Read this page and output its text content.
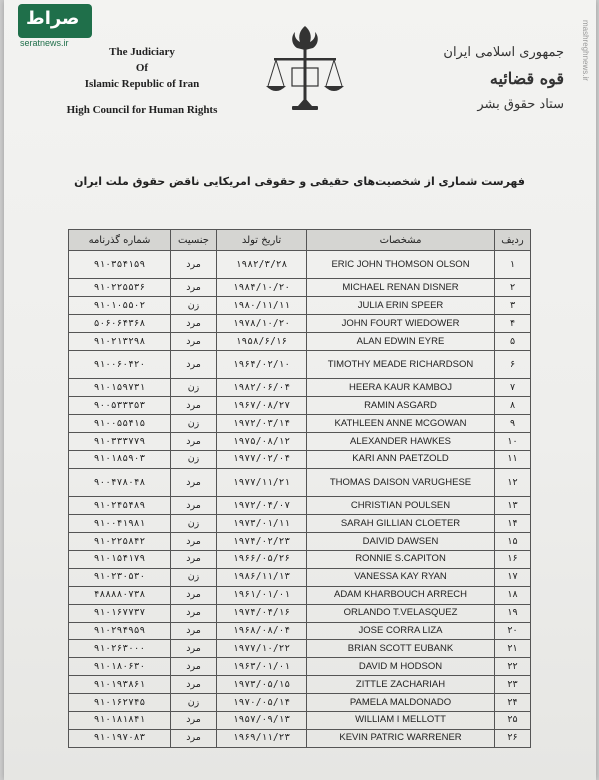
صراط
seratnews.ir	mashreghnews.ir
The Judiciary
Of
Islamic Republic of Iran
High Council for Human Rights
جمهوری اسلامی ایران
قوه قضائیه
ستاد حقوق بشر
فهرست شماری از شخصیت‌های حقیقی و حقوقی امریکایی ناقض حقوق ملت ایران
شماره گذرنامه	جنسیت	تاریخ تولد	مشخصات	ردیف
۹۱۰۳۵۴۱۵۹	مرد	۱۹۸۲/۳/۲۸	ERIC JOHN THOMSON OLSON	۱
۹۱۰۲۲۵۵۳۶	مرد	۱۹۸۴/۱۰/۲۰	MICHAEL RENAN DISNER	۲
۹۱۰۱۰۵۵۰۲	زن	۱۹۸۰/۱۱/۱۱	JULIA ERIN SPEER	۳
۵۰۶۰۶۴۳۶۸	مرد	۱۹۷۸/۱۰/۲۰	JOHN FOURT WIEDOWER	۴
۹۱۰۲۱۳۲۹۸	مرد	۱۹۵۸/۶/۱۶	ALAN EDWIN EYRE	۵
۹۱۰۰۶۰۴۲۰	مرد	۱۹۶۴/۰۲/۱۰	TIMOTHY MEADE RICHARDSON	۶
۹۱۰۱۵۹۷۳۱	زن	۱۹۸۲/۰۶/۰۴	HEERA KAUR KAMBOJ	۷
۹۰۰۵۳۳۳۵۳	مرد	۱۹۶۷/۰۸/۲۷	RAMIN ASGARD	۸
۹۱۰۰۵۵۴۱۵	زن	۱۹۷۲/۰۳/۱۴	KATHLEEN ANNE MCGOWAN	۹
۹۱۰۳۳۳۷۷۹	مرد	۱۹۷۵/۰۸/۱۲	ALEXANDER HAWKES	۱۰
۹۱۰۱۸۵۹۰۳	زن	۱۹۷۷/۰۲/۰۴	KARI ANN PAETZOLD	۱۱
۹۰۰۴۷۸۰۴۸	مرد	۱۹۷۷/۱۱/۲۱	THOMAS DAISON VARUGHESE	۱۲
۹۱۰۲۴۵۴۸۹	مرد	۱۹۷۲/۰۴/۰۷	CHRISTIAN POULSEN	۱۳
۹۱۰۰۴۱۹۸۱	زن	۱۹۷۳/۰۱/۱۱	SARAH GILLIAN CLOETER	۱۴
۹۱۰۲۲۵۸۴۲	مرد	۱۹۷۴/۰۲/۲۳	DAIVID DAWSEN	۱۵
۹۱۰۱۵۴۱۷۹	مرد	۱۹۶۶/۰۵/۲۶	RONNIE S.CAPITON	۱۶
۹۱۰۲۳۰۵۳۰	زن	۱۹۸۶/۱۱/۱۳	VANESSA KAY RYAN	۱۷
۴۸۸۸۸۰۷۳۸	مرد	۱۹۶۱/۰۱/۰۱	ADAM KHARBOUCH ARRECH	۱۸
۹۱۰۱۶۷۷۳۷	مرد	۱۹۷۴/۰۴/۱۶	ORLANDO T.VELASQUEZ	۱۹
۹۱۰۲۹۴۹۵۹	مرد	۱۹۶۸/۰۸/۰۴	JOSE CORRA LIZA	۲۰
۹۱۰۲۶۳۰۰۰	مرد	۱۹۷۷/۱۰/۲۲	BRIAN SCOTT EUBANK	۲۱
۹۱۰۱۸۰۶۳۰	مرد	۱۹۶۳/۰۱/۰۱	DAVID M HODSON	۲۲
۹۱۰۱۹۳۸۶۱	مرد	۱۹۷۳/۰۵/۱۵	ZITTLE ZACHARIAH	۲۳
۹۱۰۱۶۲۷۴۵	زن	۱۹۷۰/۰۵/۱۴	PAMELA MALDONADO	۲۴
۹۱۰۱۸۱۸۴۱	مرد	۱۹۵۷/۰۹/۱۳	WILLIAM I MELLOTT	۲۵
۹۱۰۱۹۷۰۸۳	مرد	۱۹۶۹/۱۱/۲۳	KEVIN PATRIC WARRENER	۲۶
